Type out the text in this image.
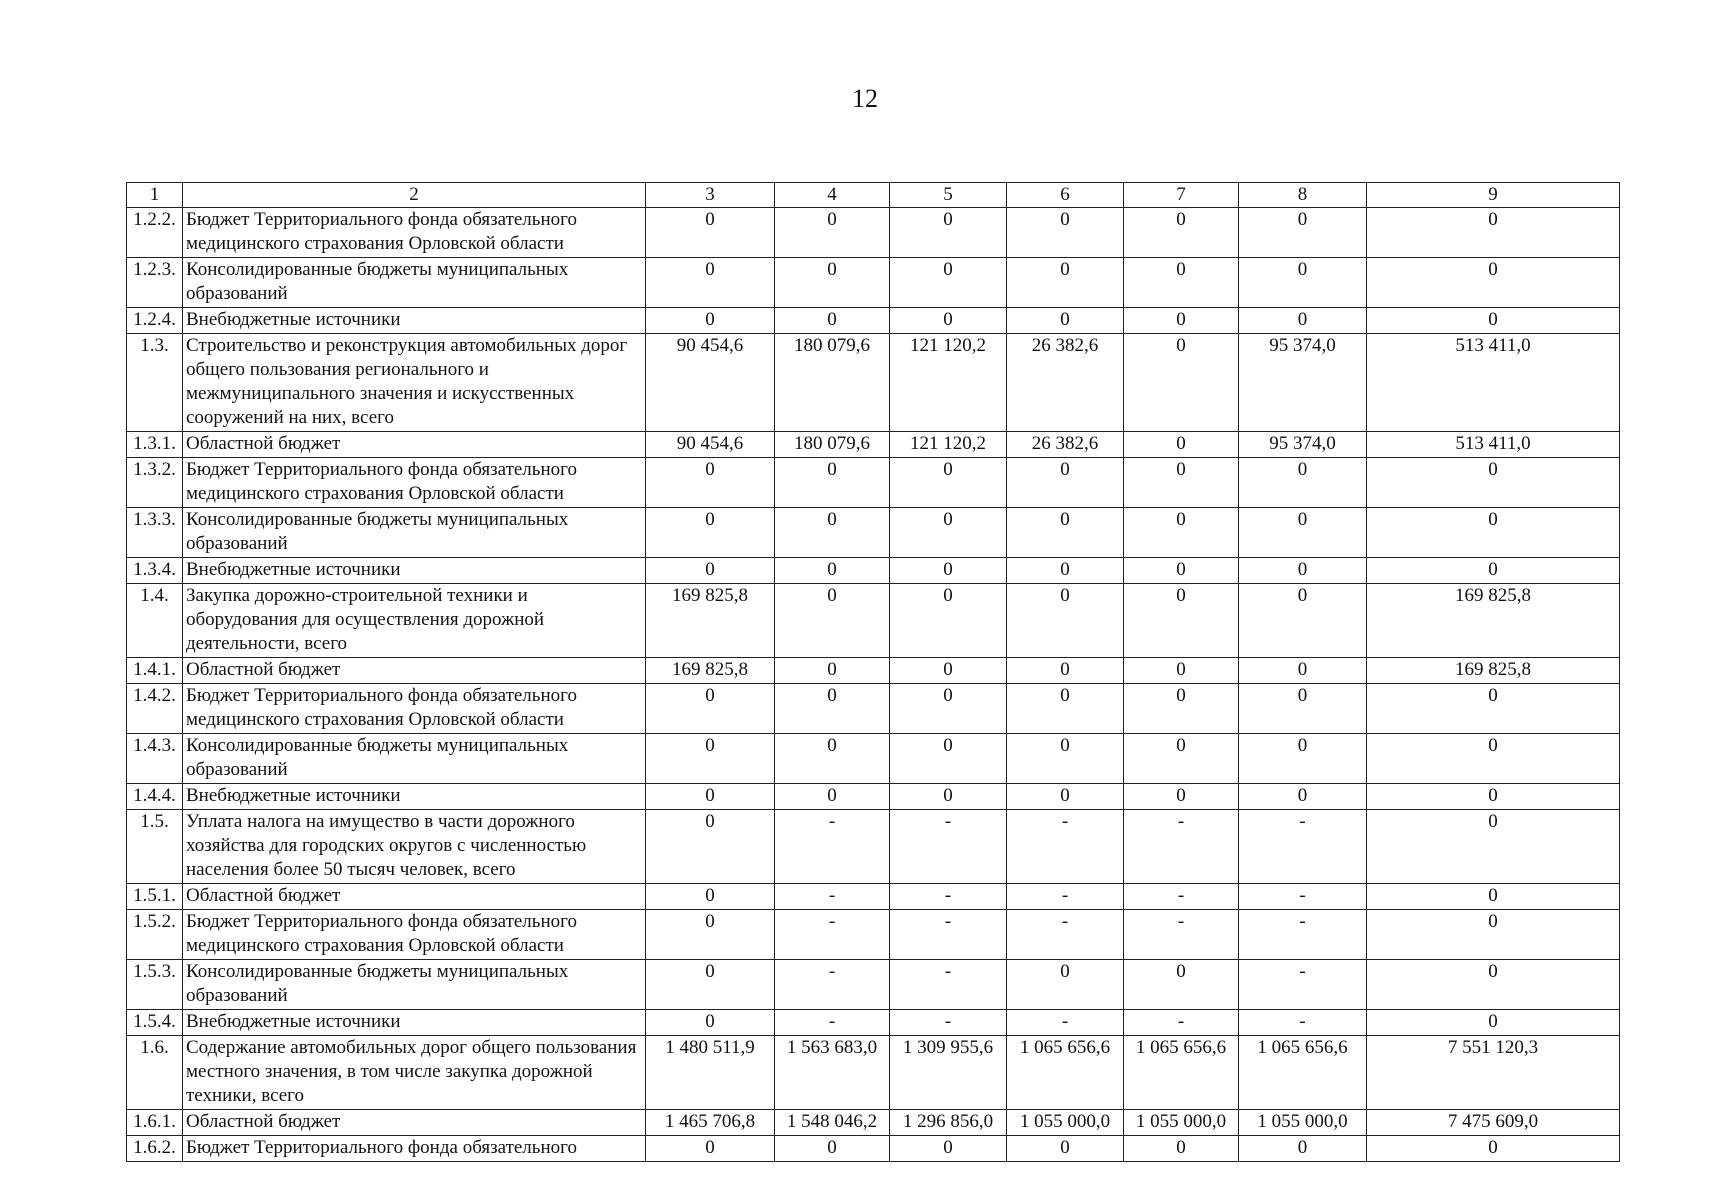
12
1	2	3	4	5	6	7	8	9
1.2.2.	Бюджет Территориального фонда обязательного медицинского страхования Орловской области	0	0	0	0	0	0	0
1.2.3.	Консолидированные бюджеты муниципальных образований	0	0	0	0	0	0	0
1.2.4.	Внебюджетные источники	0	0	0	0	0	0	0
1.3.	Строительство и реконструкция автомобильных дорог общего пользования регионального и межмуниципального значения и искусственных сооружений на них, всего	90 454,6	180 079,6	121 120,2	26 382,6	0	95 374,0	513 411,0
1.3.1.	Областной бюджет	90 454,6	180 079,6	121 120,2	26 382,6	0	95 374,0	513 411,0
1.3.2.	Бюджет Территориального фонда обязательного медицинского страхования Орловской области	0	0	0	0	0	0	0
1.3.3.	Консолидированные бюджеты муниципальных образований	0	0	0	0	0	0	0
1.3.4.	Внебюджетные источники	0	0	0	0	0	0	0
1.4.	Закупка дорожно-строительной техники и оборудования для осуществления дорожной деятельности, всего	169 825,8	0	0	0	0	0	169 825,8
1.4.1.	Областной бюджет	169 825,8	0	0	0	0	0	169 825,8
1.4.2.	Бюджет Территориального фонда обязательного медицинского страхования Орловской области	0	0	0	0	0	0	0
1.4.3.	Консолидированные бюджеты муниципальных образований	0	0	0	0	0	0	0
1.4.4.	Внебюджетные источники	0	0	0	0	0	0	0
1.5.	Уплата налога на имущество в части дорожного хозяйства для городских округов с численностью населения более 50 тысяч человек, всего	0	-	-	-	-	-	0
1.5.1.	Областной бюджет	0	-	-	-	-	-	0
1.5.2.	Бюджет Территориального фонда обязательного медицинского страхования Орловской области	0	-	-	-	-	-	0
1.5.3.	Консолидированные бюджеты муниципальных образований	0	-	-	0	0	-	0
1.5.4.	Внебюджетные источники	0	-	-	-	-	-	0
1.6.	Содержание автомобильных дорог общего пользования местного значения, в том числе закупка дорожной техники, всего	1 480 511,9	1 563 683,0	1 309 955,6	1 065 656,6	1 065 656,6	1 065 656,6	7 551 120,3
1.6.1.	Областной бюджет	1 465 706,8	1 548 046,2	1 296 856,0	1 055 000,0	1 055 000,0	1 055 000,0	7 475 609,0
1.6.2.	Бюджет Территориального фонда обязательного	0	0	0	0	0	0	0
